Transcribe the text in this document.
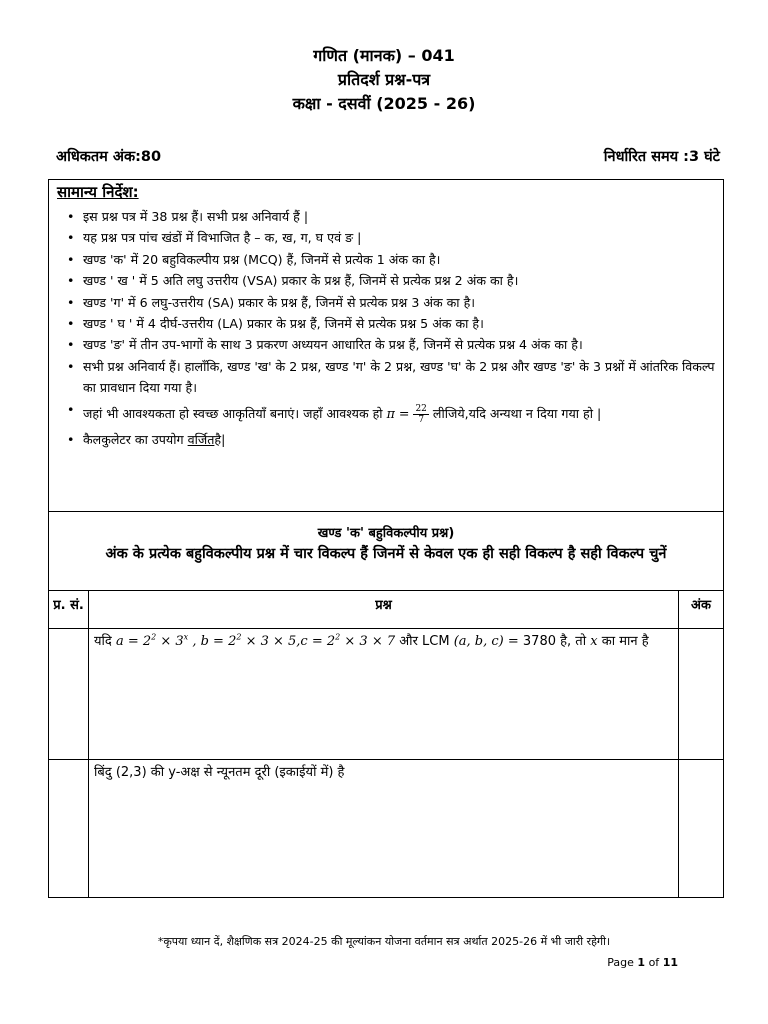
गणित (मानक) – 041
प्रतिदर्श प्रश्न-पत्र
कक्षा - दसवीं (2025 - 26)
अधिकतम अंक:80	निर्धारित समय :3 घंटे
सामान्य निर्देश:
• इस प्रश्न पत्र में 38 प्रश्न हैं। सभी प्रश्न अनिवार्य हैं |
• यह प्रश्न पत्र पांच खंडों में विभाजित है – क, ख, ग, घ एवं ङ |
• खण्ड 'क' में 20 बहुविकल्पीय प्रश्न (MCQ) हैं, जिनमें से प्रत्येक 1 अंक का है।
• खण्ड ' ख ' में 5 अति लघु उत्तरीय (VSA) प्रकार के प्रश्न हैं, जिनमें से प्रत्येक प्रश्न 2 अंक का है।
• खण्ड 'ग' में 6 लघु-उत्तरीय (SA) प्रकार के प्रश्न हैं, जिनमें से प्रत्येक प्रश्न 3 अंक का है।
• खण्ड ' घ ' में 4 दीर्घ-उत्तरीय (LA) प्रकार के प्रश्न हैं, जिनमें से प्रत्येक प्रश्न 5 अंक का है।
• खण्ड 'ङ' में तीन उप-भागों के साथ 3 प्रकरण अध्ययन आधारित के प्रश्न हैं, जिनमें से प्रत्येक प्रश्न 4 अंक का है।
• सभी प्रश्न अनिवार्य हैं। हालाँकि, खण्ड 'ख' के 2 प्रश्न, खण्ड 'ग' के 2 प्रश्न, खण्ड 'घ' के 2 प्रश्न और खण्ड 'ङ' के 3 प्रश्नों में आंतरिक विकल्प का प्रावधान दिया गया है।
• जहां भी आवश्यकता हो स्वच्छ आकृतियाँ बनाएं। जहाँ आवश्यक हो $\pi = \frac{22}{7}$ लीजिये,यदि अन्यथा न दिया गया हो |
• कैलकुलेटर का उपयोग वर्जितहै|
खण्ड 'क' बहुविकल्पीय प्रश्न)
अंक के प्रत्येक बहुविकल्पीय प्रश्न में चार विकल्प हैं जिनमें से केवल एक ही सही विकल्प है सही विकल्प चुनें
प्र. सं.	प्रश्न	अंक
	यदि $a = 2^2 \times 3^x$ , $b = 2^2 \times 3 \times 5,c = 2^2 \times 3 \times 7$ और LCM (a, b, c) = 3780 है, तो x का मान है	
	बिंदु (2,3) की y-अक्ष से न्यूनतम दूरी (इकाईयों में) है	
*कृपया ध्यान दें, शैक्षणिक सत्र 2024-25 की मूल्यांकन योजना वर्तमान सत्र अर्थात 2025-26 में भी जारी रहेगी।
Page 1 of 11
